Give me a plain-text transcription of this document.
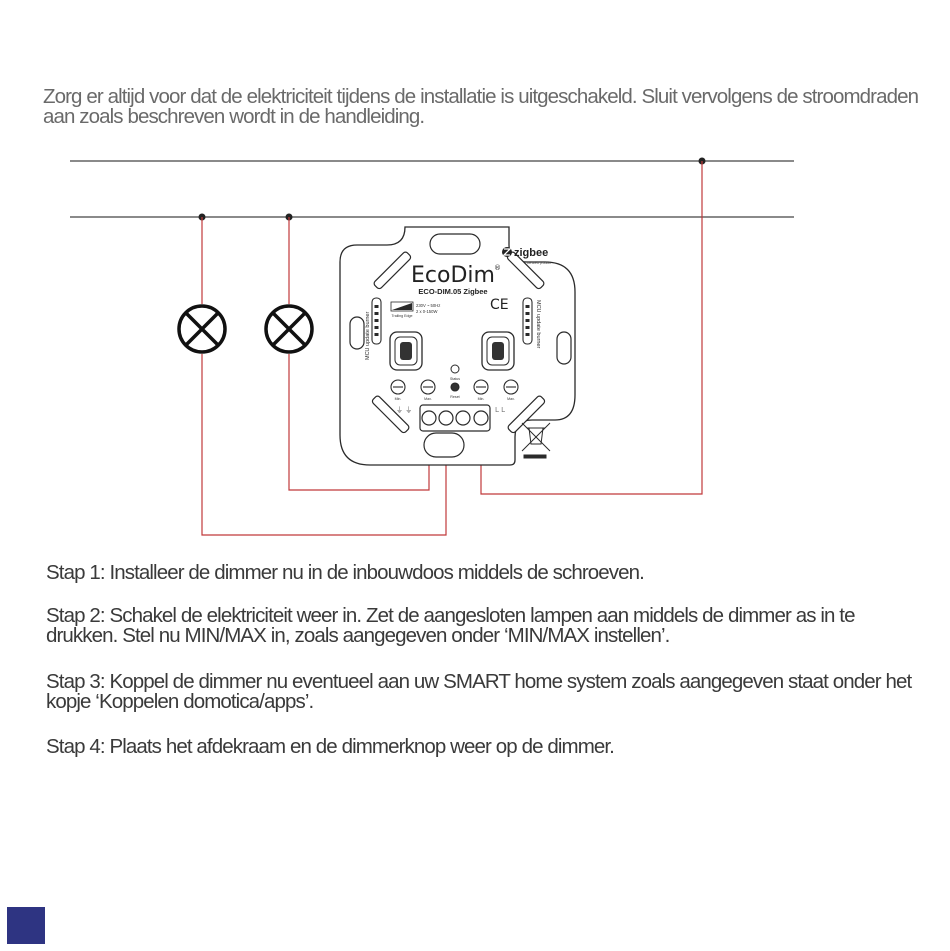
Zorg er altijd voor dat de elektriciteit tijdens de installatie is uitgeschakeld. Sluit vervolgens de stroomdraden aan zoals beschreven wordt in de handleiding.

MCU update burner	MCU update burner
EcoDim ®
ECO-DIM.05 Zigbee
zigbee
certified product
Trailing Edge
230V ~ 50Hz
2 x 0-150W	CE
Status
Min.	Max.	Reset	Min.	Max.
⏚ ⏚	L L

Stap 1: Installeer de dimmer nu in de inbouwdoos middels de schroeven.

Stap 2: Schakel de elektriciteit weer in. Zet de aangesloten lampen aan middels de dimmer as in te drukken. Stel nu MIN/MAX in, zoals aangegeven onder ‘MIN/MAX instellen’.

Stap 3: Koppel de dimmer nu eventueel aan uw SMART home system zoals aangegeven staat onder het kopje ‘Koppelen domotica/apps’.

Stap 4: Plaats het afdekraam en de dimmerknop weer op de dimmer.
